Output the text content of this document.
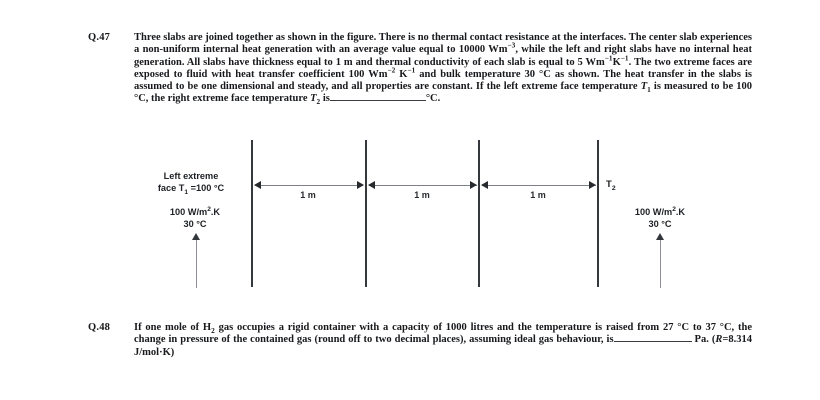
Q.47	Three slabs are joined together as shown in the figure. There is no thermal contact resistance at the interfaces. The center slab experiences a non-uniform internal heat generation with an average value equal to 10000 $Wm^{-3}$, while the left and right slabs have no internal heat generation. All slabs have thickness equal to 1 m and thermal conductivity of each slab is equal to 5 $Wm^{-1}K^{-1}$. The two extreme faces are exposed to fluid with heat transfer coefficient 100 $Wm^{-2}$ $K^{-1}$ and bulk temperature 30 °C as shown. The heat transfer in the slabs is assumed to be one dimensional and steady, and all properties are constant. If the left extreme face temperature $T_1$ is measured to be 100 °C, the right extreme face temperature $T_2$ is	°C.
1 m	1 m	1 m
Left extreme
face $T_1 =100$ °C
100 $W/m^2.K$
30 °C
$T_2$
100 $W/m^2.K$
30 °C
Q.48	If one mole of $H_2$ gas occupies a rigid container with a capacity of 1000 litres and the temperature is raised from 27 °C to 37 °C, the change in pressure of the contained gas (round off to two decimal places), assuming ideal gas behaviour, is	Pa. (R=8.314 J/mol·K)
